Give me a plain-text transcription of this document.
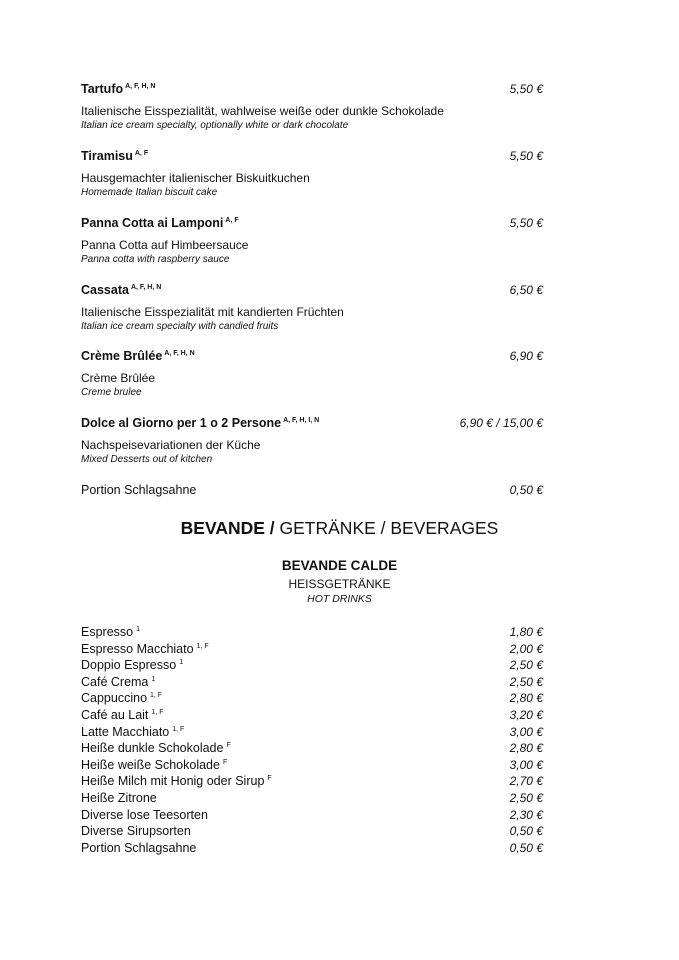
Tartufo $^{A, F, H, N}$	5,50 €
Italienische Eisspezialität, wahlweise weiße oder dunkle Schokolade
Italian ice cream specialty, optionally white or dark chocolate
Tiramisu $^{A, F}$	5,50 €
Hausgemachter italienischer Biskuitkuchen
Homemade Italian biscuit cake
Panna Cotta ai Lamponi $^{A, F}$	5,50 €
Panna Cotta auf Himbeersauce
Panna cotta with raspberry sauce
Cassata $^{A, F, H, N}$	6,50 €
Italienische Eisspezialität mit kandierten Früchten
Italian ice cream specialty with candied fruits
Crème Brûlée $^{A, F, H, N}$	6,90 €
Crème Brûlée
Creme brulee
Dolce al Giorno per 1 o 2 Persone $^{A, F, H, I, N}$	6,90 € / 15,00 €
Nachspeisevariationen der Küche
Mixed Desserts out of kitchen
Portion Schlagsahne	0,50 €
BEVANDE / GETRÄNKE / BEVERAGES
BEVANDE CALDE
HEISSGETRÄNKE
HOT DRINKS
Espresso $^1$	1,80 €
Espresso Macchiato $^{1, F}$	2,00 €
Doppio Espresso $^1$	2,50 €
Café Crema $^1$	2,50 €
Cappuccino $^{1, F}$	2,80 €
Café au Lait $^{1, F}$	3,20 €
Latte Macchiato $^{1, F}$	3,00 €
Heiße dunkle Schokolade $^F$	2,80 €
Heiße weiße Schokolade $^F$	3,00 €
Heiße Milch mit Honig oder Sirup $^F$	2,70 €
Heiße Zitrone	2,50 €
Diverse lose Teesorten	2,30 €
Diverse Sirupsorten	0,50 €
Portion Schlagsahne	0,50 €
